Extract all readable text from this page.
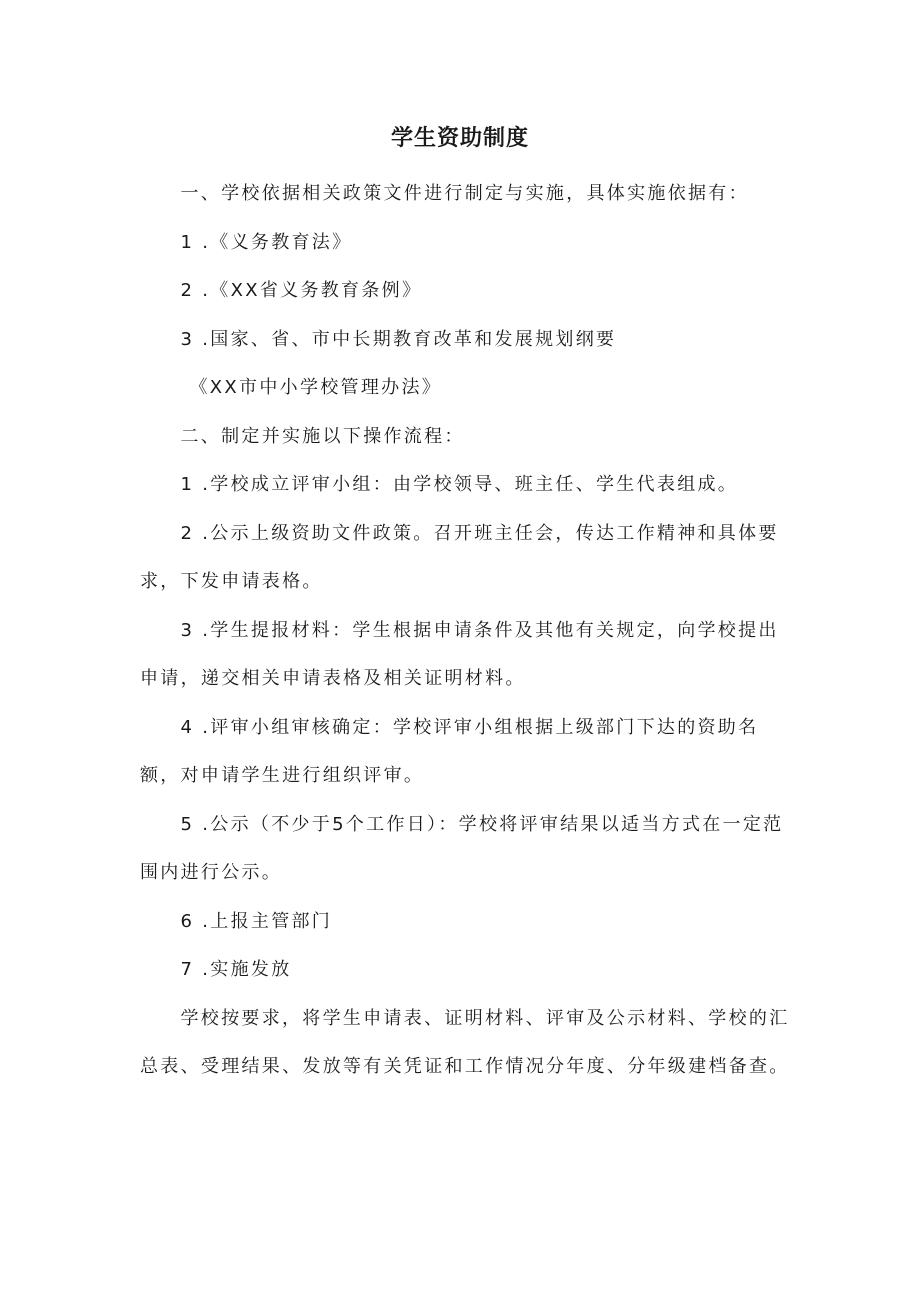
学生资助制度

一、学校依据相关政策文件进行制定与实施，具体实施依据有：

1 .《义务教育法》

2 .《XX省义务教育条例》

3 .国家、省、市中长期教育改革和发展规划纲要

《XX市中小学校管理办法》

二、制定并实施以下操作流程：

1 .学校成立评审小组：由学校领导、班主任、学生代表组成。

2 .公示上级资助文件政策。召开班主任会，传达工作精神和具体要求，下发申请表格。

3 .学生提报材料：学生根据申请条件及其他有关规定，向学校提出申请，递交相关申请表格及相关证明材料。

4 .评审小组审核确定：学校评审小组根据上级部门下达的资助名额，对申请学生进行组织评审。

5 .公示（不少于5个工作日）：学校将评审结果以适当方式在一定范围内进行公示。

6 .上报主管部门

7 .实施发放

学校按要求，将学生申请表、证明材料、评审及公示材料、学校的汇总表、受理结果、发放等有关凭证和工作情况分年度、分年级建档备查。
